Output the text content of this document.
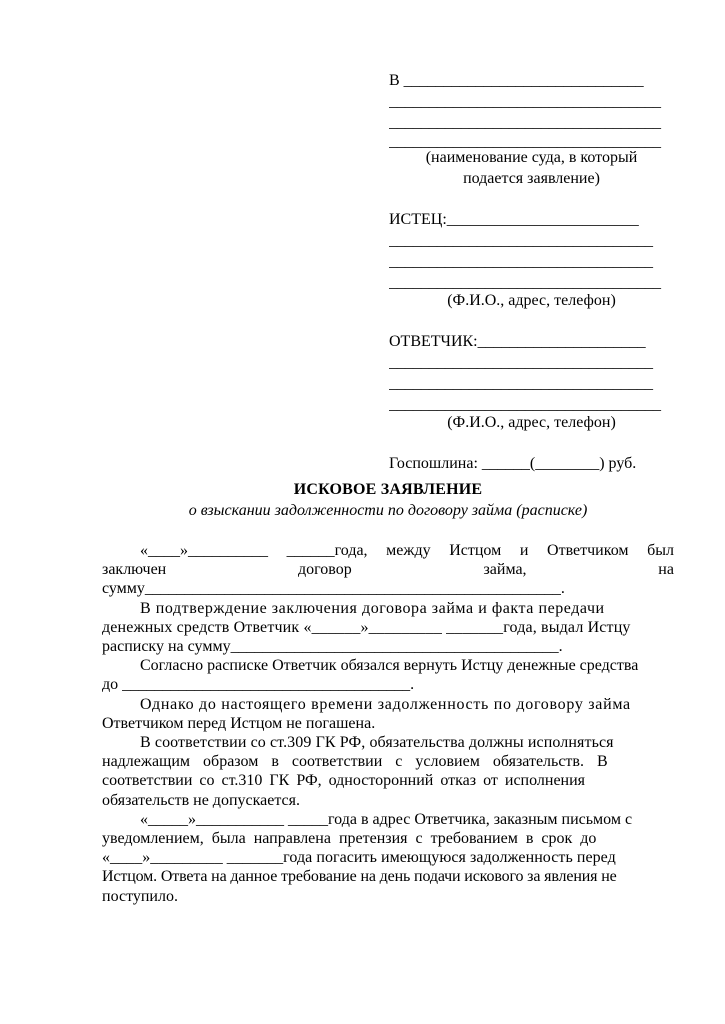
В ______________________________
__________________________________
__________________________________
__________________________________
(наименование суда, в который
подается заявление)
ИСТЕЦ:________________________
_________________________________
_________________________________
__________________________________
(Ф.И.О., адрес, телефон)
ОТВЕТЧИК:_____________________
_________________________________
_________________________________
__________________________________
(Ф.И.О., адрес, телефон)
Госпошлина: ______(________) руб.
ИСКОВОЕ ЗАЯВЛЕНИЕ
о взыскании задолженности по договору займа (расписке)

«____»__________ ______года, между Истцом и Ответчиком был

заключен	договор	займа,	на
сумму____________________________________________________.
В подтверждение заключения договора займа и факта передачи
денежных средств Ответчик «______»_________ _______года, выдал Истцу
расписку на сумму_________________________________________.
Согласно расписке Ответчик обязался вернуть Истцу денежные средства
до ____________________________________.
Однако до настоящего времени задолженность по договору займа
Ответчиком перед Истцом не погашена.
В соответствии со ст.309 ГК РФ, обязательства должны исполняться
надлежащим образом в соответствии с условием обязательств. В
соответствии со ст.310 ГК РФ, односторонний отказ от исполнения
обязательств не допускается.
«_____»___________ _____года в адрес Ответчика, заказным письмом с
уведомлением, была направлена претензия с требованием в срок до
«____»_________ _______года погасить имеющуюся задолженность перед
Истцом. Ответа на данное требование на день подачи искового за явления не
поступило.
